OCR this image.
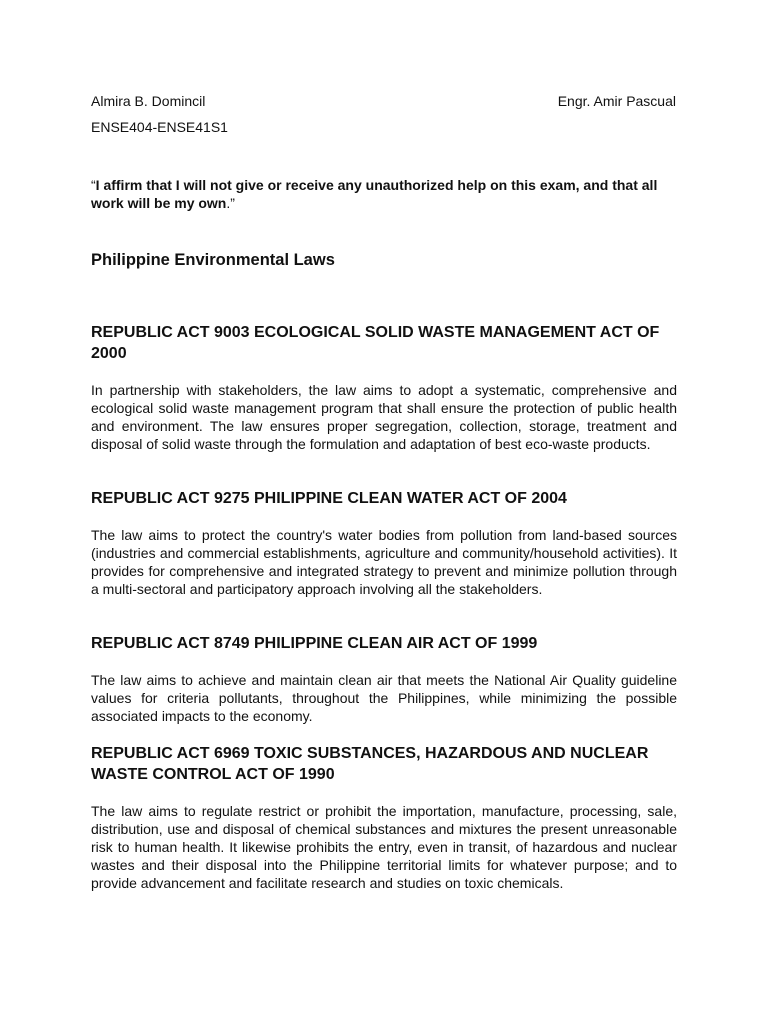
Almira B. Domincil	Engr. Amir Pascual
ENSE404-ENSE41S1
“I affirm that I will not give or receive any unauthorized help on this exam, and that all work will be my own.”
Philippine Environmental Laws

REPUBLIC ACT 9003 ECOLOGICAL SOLID WASTE MANAGEMENT ACT OF 2000

In partnership with stakeholders, the law aims to adopt a systematic, comprehensive and ecological solid waste management program that shall ensure the protection of public health and environment. The law ensures proper segregation, collection, storage, treatment and disposal of solid waste through the formulation and adaptation of best eco-waste products.

REPUBLIC ACT 9275 PHILIPPINE CLEAN WATER ACT OF 2004

The law aims to protect the country's water bodies from pollution from land-based sources (industries and commercial establishments, agriculture and community/household activities). It provides for comprehensive and integrated strategy to prevent and minimize pollution through a multi-sectoral and participatory approach involving all the stakeholders.

REPUBLIC ACT 8749 PHILIPPINE CLEAN AIR ACT OF 1999

The law aims to achieve and maintain clean air that meets the National Air Quality guideline values for criteria pollutants, throughout the Philippines, while minimizing the possible associated impacts to the economy.

REPUBLIC ACT 6969 TOXIC SUBSTANCES, HAZARDOUS AND NUCLEAR WASTE CONTROL ACT OF 1990

The law aims to regulate restrict or prohibit the importation, manufacture, processing, sale, distribution, use and disposal of chemical substances and mixtures the present unreasonable risk to human health. It likewise prohibits the entry, even in transit, of hazardous and nuclear wastes and their disposal into the Philippine territorial limits for whatever purpose; and to provide advancement and facilitate research and studies on toxic chemicals.
